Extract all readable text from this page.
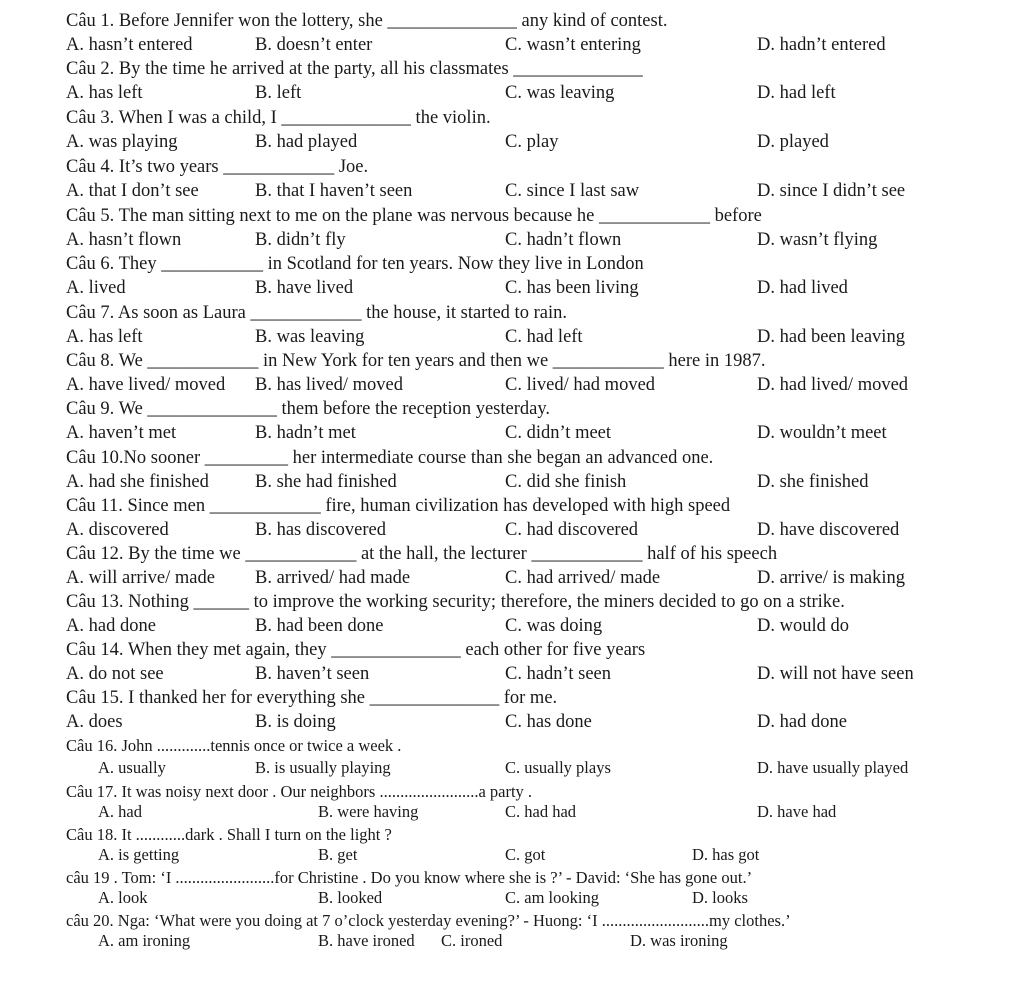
Câu 1. Before Jennifer won the lottery, she ______________ any kind of contest.
A. hasn’t entered	B. doesn’t enter	C. wasn’t entering	D. hadn’t entered
Câu 2. By the time he arrived at the party, all his classmates ______________
A. has left	B. left	C. was leaving	D. had left
Câu 3. When I was a child, I ______________ the violin.
A. was playing	B. had played	C. play	D. played
Câu 4. It’s two years ____________ Joe.
A. that I don’t see	B. that I haven’t seen	C. since I last saw	D. since I didn’t see
Câu 5. The man sitting next to me on the plane was nervous because he ____________ before
A. hasn’t flown	B. didn’t fly	C. hadn’t flown	D. wasn’t flying
Câu 6. They ___________ in Scotland for ten years. Now they live in London
A. lived	B. have lived	C. has been living	D. had lived
Câu 7. As soon as Laura ____________ the house, it started to rain.
A. has left	B. was leaving	C. had left	D. had been leaving
Câu 8. We ____________ in New York for ten years and then we ____________ here in 1987.
A. have lived/ moved B. has lived/ moved	C. lived/ had moved	D. had lived/ moved
Câu 9. We ______________ them before the reception yesterday.
A. haven’t met	B. hadn’t met	C. didn’t meet	D. wouldn’t meet
Câu 10.No sooner _________ her intermediate course than she began an advanced one.
A. had she finished B. she had finished	C. did she finish	D. she finished
Câu 11. Since men ____________ fire, human civilization has developed with high speed
A. discovered	B. has discovered	C. had discovered	D. have discovered
Câu 12. By the time we ____________ at the hall, the lecturer ____________ half of his speech
A. will arrive/ made B. arrived/ had made	C. had arrived/ made	D. arrive/ is making
Câu 13. Nothing ______ to improve the working security; therefore, the miners decided to go on a strike.
A. had done	B. had been done	C. was doing	D. would do
Câu 14. When they met again, they ______________ each other for five years
A. do not see	B. haven’t seen	C. hadn’t seen	D. will not have seen
Câu 15. I thanked her for everything she ______________ for me.
A. does	B. is doing	C. has done	D. had done
Câu 16. John .............tennis once or twice a week .
A. usually	B. is usually playing	C. usually plays	D. have usually played
Câu 17. It was noisy next door . Our neighbors ........................a party .
A. had	B. were having	C. had had	D. have had
Câu 18. It ............dark . Shall I turn on the light ?
A. is getting	B. get	C. got	D. has got
câu 19 . Tom: ‘I ........................for Christine . Do you know where she is ?’ - David: ‘She has gone out.’
A. look	B. looked	C. am looking	D. looks
câu 20. Nga: ‘What were you doing at 7 o’clock yesterday evening?’ - Huong: ‘I ..........................my clothes.’
A. am ironing	B. have ironed C. ironed	D. was ironing
